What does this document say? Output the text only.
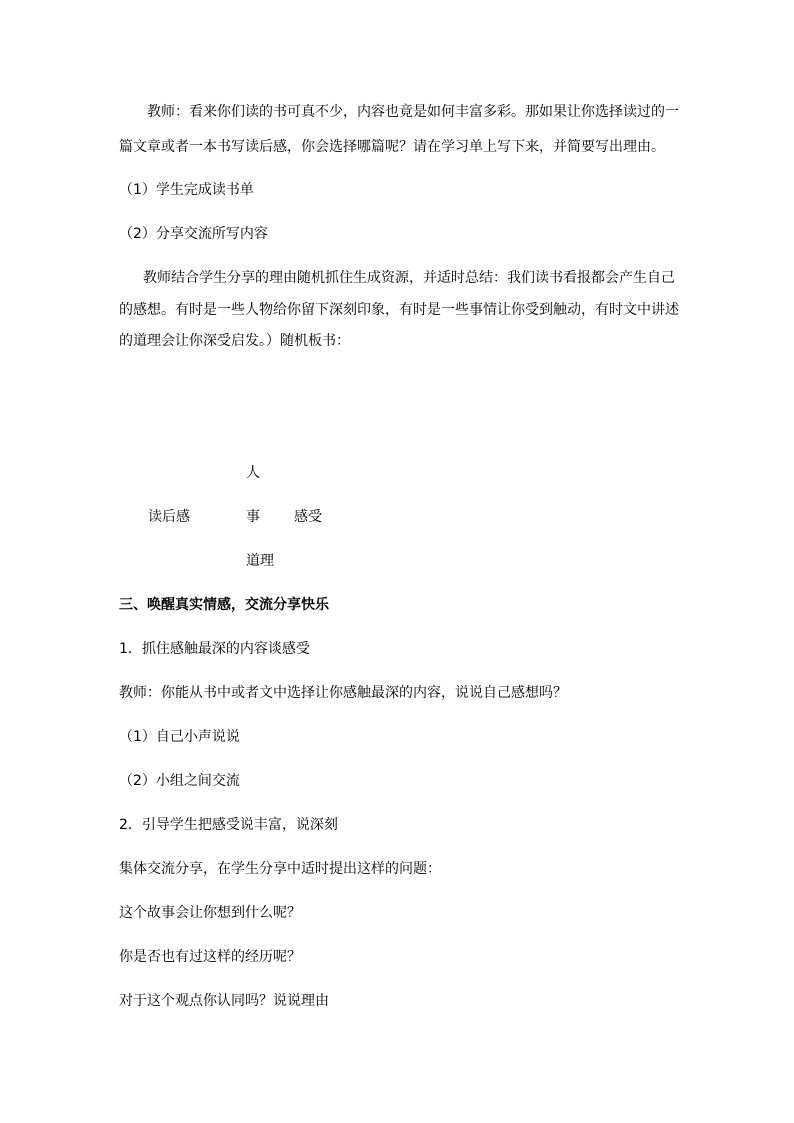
教师：看来你们读的书可真不少，内容也竟是如何丰富多彩。那如果让你选择读过的一
篇文章或者一本书写读后感，你会选择哪篇呢？请在学习单上写下来，并简要写出理由。
（1）学生完成读书单
（2）分享交流所写内容
教师结合学生分享的理由随机抓住生成资源，并适时总结：我们读书看报都会产生自己
的感想。有时是一些人物给你留下深刻印象，有时是一些事情让你受到触动，有时文中讲述
的道理会让你深受启发。）随机板书：
人
读后感	事 感受
道理
三、唤醒真实情感，交流分享快乐
1．抓住感触最深的内容谈感受
教师：你能从书中或者文中选择让你感触最深的内容，说说自己感想吗？
（1）自己小声说说
（2）小组之间交流
2．引导学生把感受说丰富，说深刻
集体交流分享，在学生分享中适时提出这样的问题：
这个故事会让你想到什么呢？
你是否也有过这样的经历呢？
对于这个观点你认同吗？说说理由
